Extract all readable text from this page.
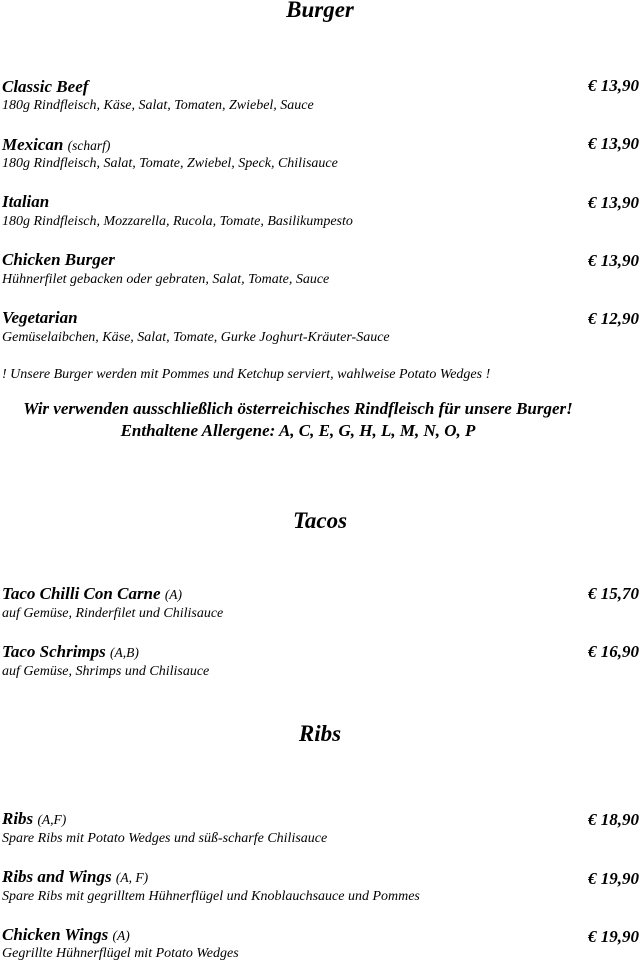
Burger
Classic Beef
180g Rindfleisch, Käse, Salat, Tomaten, Zwiebel, Sauce
€ 13,90
Mexican (scharf)
180g Rindfleisch, Salat, Tomate, Zwiebel, Speck, Chilisauce
€ 13,90
Italian
180g Rindfleisch, Mozzarella, Rucola, Tomate, Basilikumpesto
€ 13,90
Chicken Burger
Hühnerfilet gebacken oder gebraten, Salat, Tomate, Sauce
€ 13,90
Vegetarian
Gemüselaibchen, Käse, Salat, Tomate, Gurke Joghurt-Kräuter-Sauce
€ 12,90
! Unsere Burger werden mit Pommes und Ketchup serviert, wahlweise Potato Wedges !
Wir verwenden ausschließlich österreichisches Rindfleisch für unsere Burger!
Enthaltene Allergene: A, C, E, G, H, L, M, N, O, P
Tacos
Taco Chilli Con Carne (A)
auf Gemüse, Rinderfilet und Chilisauce
€ 15,70
Taco Schrimps (A,B)
auf Gemüse, Shrimps und Chilisauce
€ 16,90
Ribs
Ribs (A,F)
Spare Ribs mit Potato Wedges und süß-scharfe Chilisauce
€ 18,90
Ribs and Wings (A, F)
Spare Ribs mit gegrilltem Hühnerflügel und Knoblauchsauce und Pommes
€ 19,90
Chicken Wings (A)
Gegrillte Hühnerflügel mit Potato Wedges
€ 19,90
